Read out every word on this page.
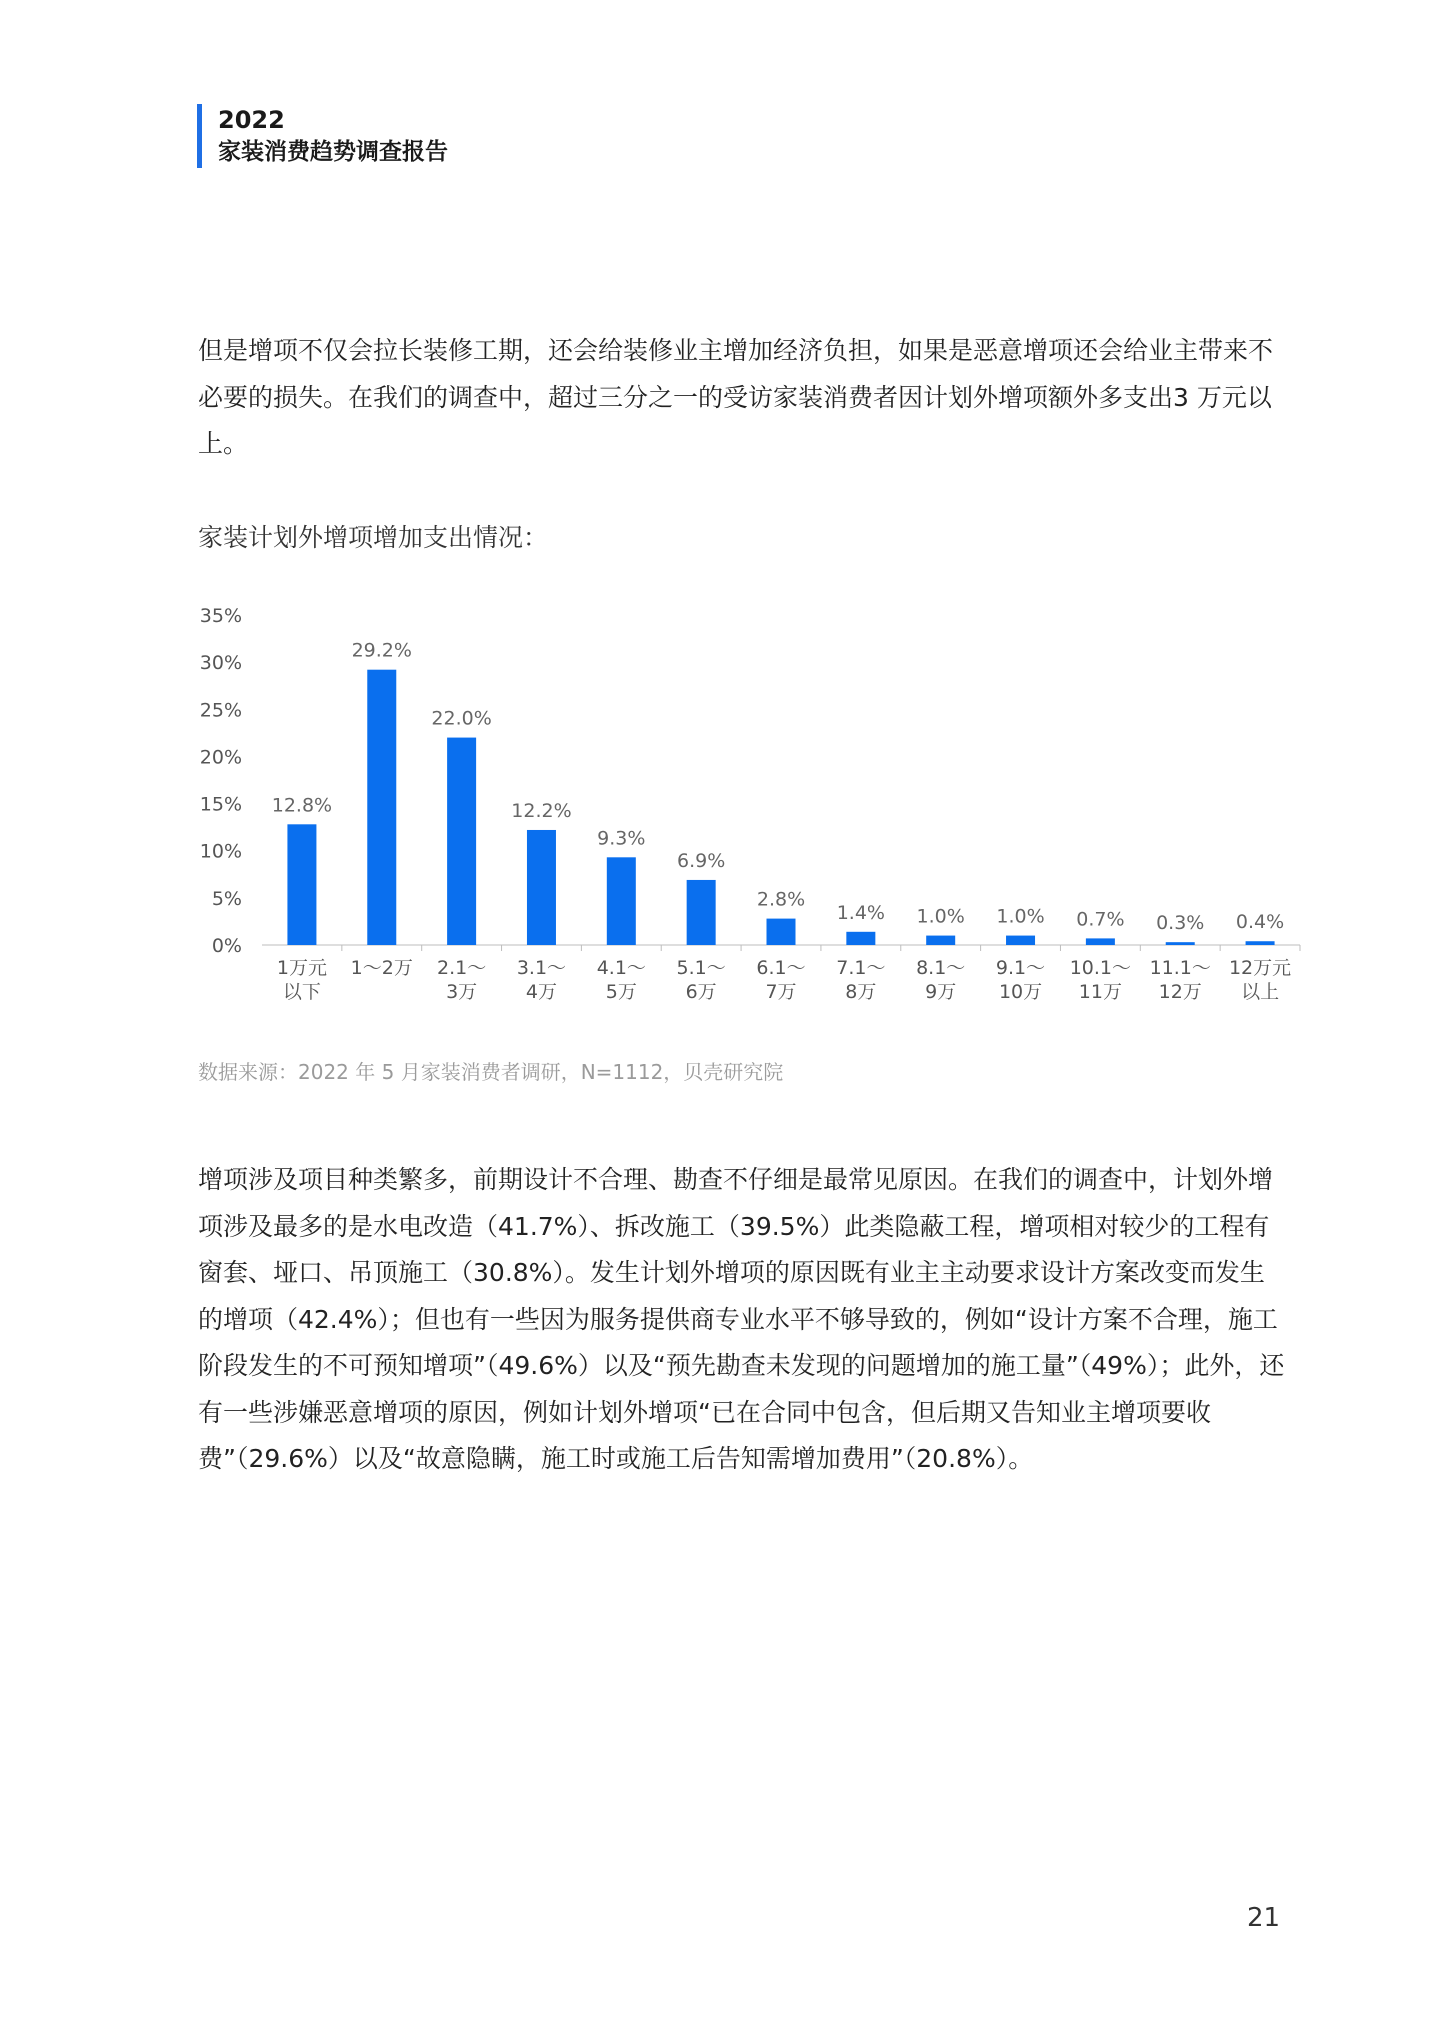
2022
家装消费趋势调查报告

但是增项不仅会拉长装修工期，还会给装修业主增加经济负担，如果是恶意增项还会给业主带来不必要的损失。在我们的调查中，超过三分之一的受访家装消费者因计划外增项额外多支出3 万元以上。

家装计划外增项增加支出情况：
0%
5%
10%
15%
20%
25%
30%
35%
12.8%
1万元
以下
29.2%
1～2万
22.0%
2.1～
3万
12.2%
3.1～
4万
9.3%
4.1～
5万
6.9%
5.1～
6万
2.8%
6.1～
7万
1.4%
7.1～
8万
1.0%
8.1～
9万
1.0%
9.1～
10万
0.7%
10.1～
11万
0.3%
11.1～
12万
0.4%
12万元
以上
数据来源：2022 年 5 月家装消费者调研，N=1112，贝壳研究院

增项涉及项目种类繁多，前期设计不合理、勘查不仔细是最常见原因。在我们的调查中，计划外增项涉及最多的是水电改造（41.7%）、拆改施工（39.5%）此类隐蔽工程，增项相对较少的工程有窗套、垭口、吊顶施工（30.8%）。发生计划外增项的原因既有业主主动要求设计方案改变而发生的增项（42.4%）；但也有一些因为服务提供商专业水平不够导致的，例如“设计方案不合理，施工阶段发生的不可预知增项”（49.6%）以及“预先勘查未发现的问题增加的施工量”（49%）；此外，还有一些涉嫌恶意增项的原因，例如计划外增项“已在合同中包含，但后期又告知业主增项要收费”（29.6%）以及“故意隐瞒，施工时或施工后告知需增加费用”（20.8%）。

21
